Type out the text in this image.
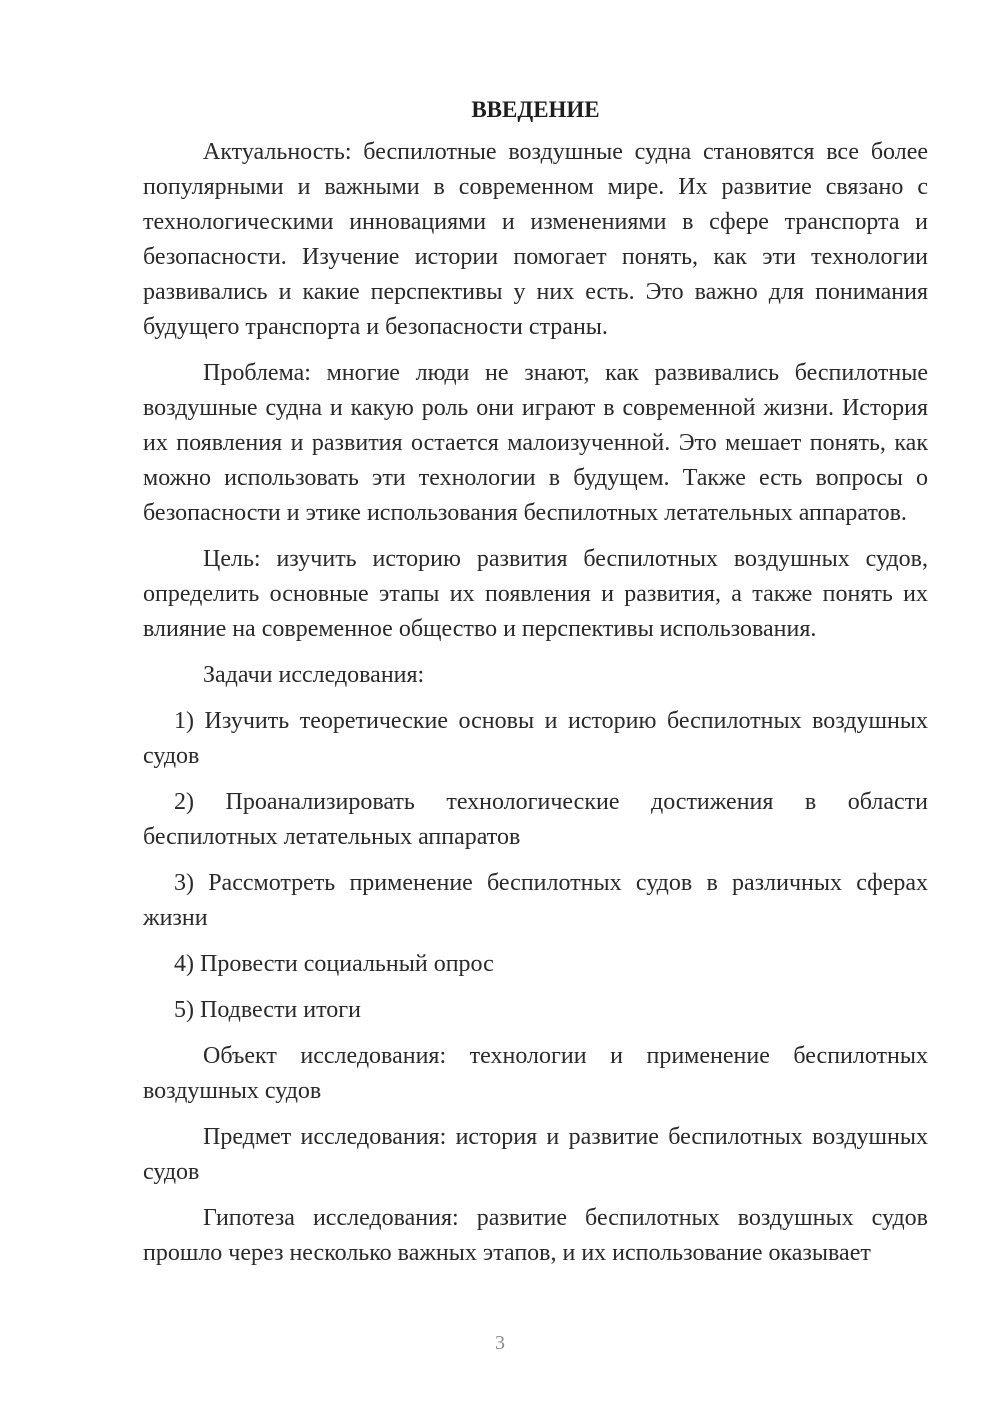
ВВЕДЕНИЕ

Актуальность: беспилотные воздушные судна становятся все более популярными и важными в современном мире. Их развитие связано с технологическими инновациями и изменениями в сфере транспорта и безопасности. Изучение истории помогает понять, как эти технологии развивались и какие перспективы у них есть. Это важно для понимания будущего транспорта и безопасности страны.

Проблема: многие люди не знают, как развивались беспилотные воздушные судна и какую роль они играют в современной жизни. История их появления и развития остается малоизученной. Это мешает понять, как можно использовать эти технологии в будущем. Также есть вопросы о безопасности и этике использования беспилотных летательных аппаратов.

Цель: изучить историю развития беспилотных воздушных судов, определить основные этапы их появления и развития, а также понять их влияние на современное общество и перспективы использования.

Задачи исследования:

1) Изучить теоретические основы и историю беспилотных воздушных судов

2) Проанализировать технологические достижения в области беспилотных летательных аппаратов

3) Рассмотреть применение беспилотных судов в различных сферах жизни

4) Провести социальный опрос

5) Подвести итоги

Объект исследования: технологии и применение беспилотных воздушных судов

Предмет исследования: история и развитие беспилотных воздушных судов

Гипотеза исследования: развитие беспилотных воздушных судов прошло через несколько важных этапов, и их использование оказывает

3
